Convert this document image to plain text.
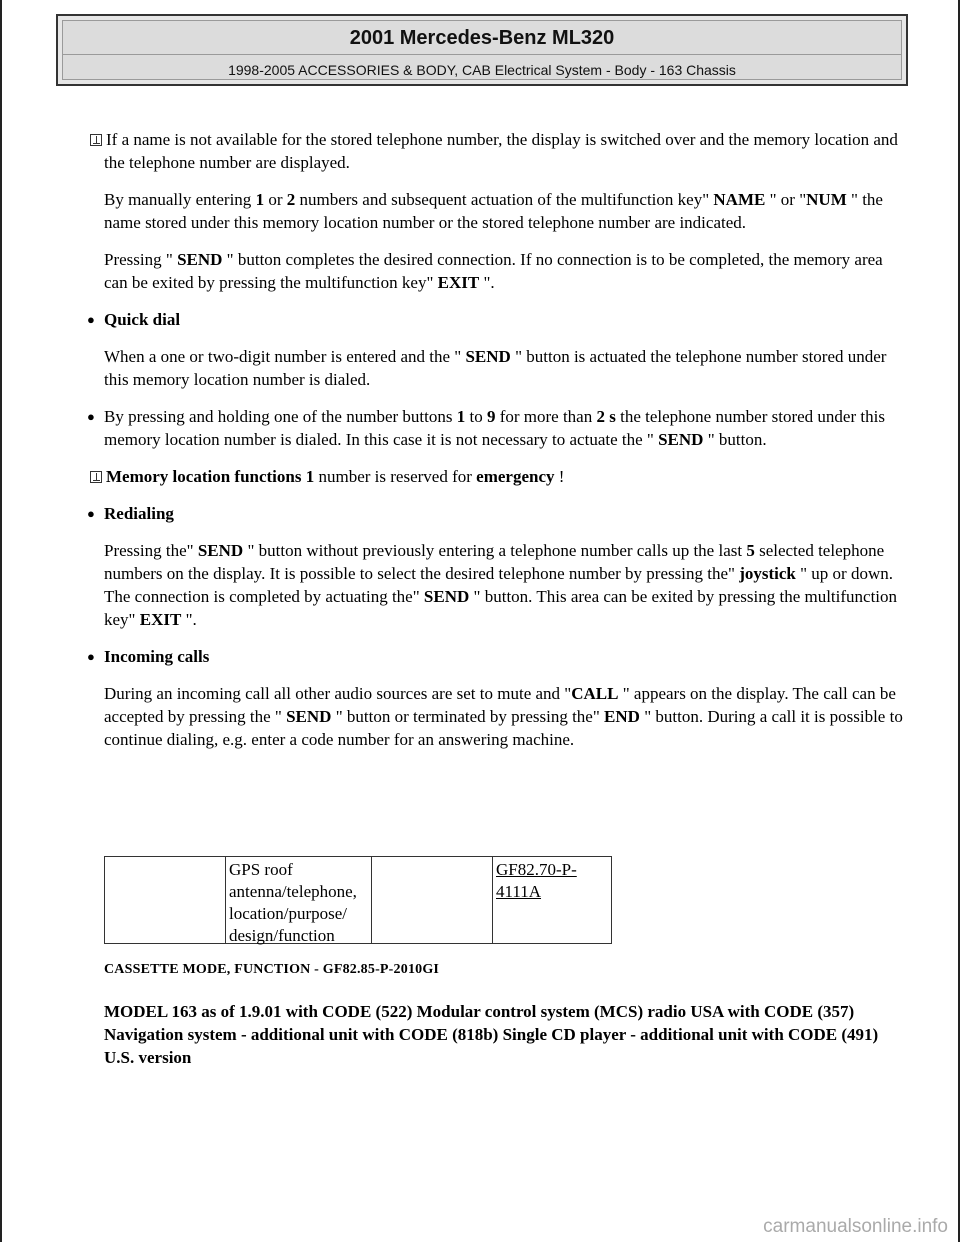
2001 Mercedes-Benz ML320
1998-2005 ACCESSORIES & BODY, CAB Electrical System - Body - 163 Chassis

If a name is not available for the stored telephone number, the display is switched over and the memory location and the telephone number are displayed.

By manually entering 1 or 2 numbers and subsequent actuation of the multifunction key" NAME " or "NUM " the name stored under this memory location number or the stored telephone number are indicated.

Pressing " SEND " button completes the desired connection. If no connection is to be completed, the memory area can be exited by pressing the multifunction key" EXIT ".

● Quick dial

When a one or two-digit number is entered and the " SEND " button is actuated the telephone number stored under this memory location number is dialed.

● By pressing and holding one of the number buttons 1 to 9 for more than 2 s the telephone number stored under this memory location number is dialed. In this case it is not necessary to actuate the " SEND " button.

Memory location functions 1 number is reserved for emergency !

● Redialing

Pressing the" SEND " button without previously entering a telephone number calls up the last 5 selected telephone numbers on the display. It is possible to select the desired telephone number by pressing the" joystick " up or down. The connection is completed by actuating the" SEND " button. This area can be exited by pressing the multifunction key" EXIT ".

● Incoming calls

During an incoming call all other audio sources are set to mute and "CALL " appears on the display. The call can be accepted by pressing the " SEND " button or terminated by pressing the" END " button. During a call it is possible to continue dialing, e.g. enter a code number for an answering machine.

GPS roof
antenna/telephone,
location/purpose/
design/function
GF82.70-P-
4111A
CASSETTE MODE, FUNCTION - GF82.85-P-2010GI
MODEL 163 as of 1.9.01 with CODE (522) Modular control system (MCS) radio USA with CODE (357) Navigation system - additional unit with CODE (818b) Single CD player - additional unit with CODE (491) U.S. version
carmanualsonline.info
